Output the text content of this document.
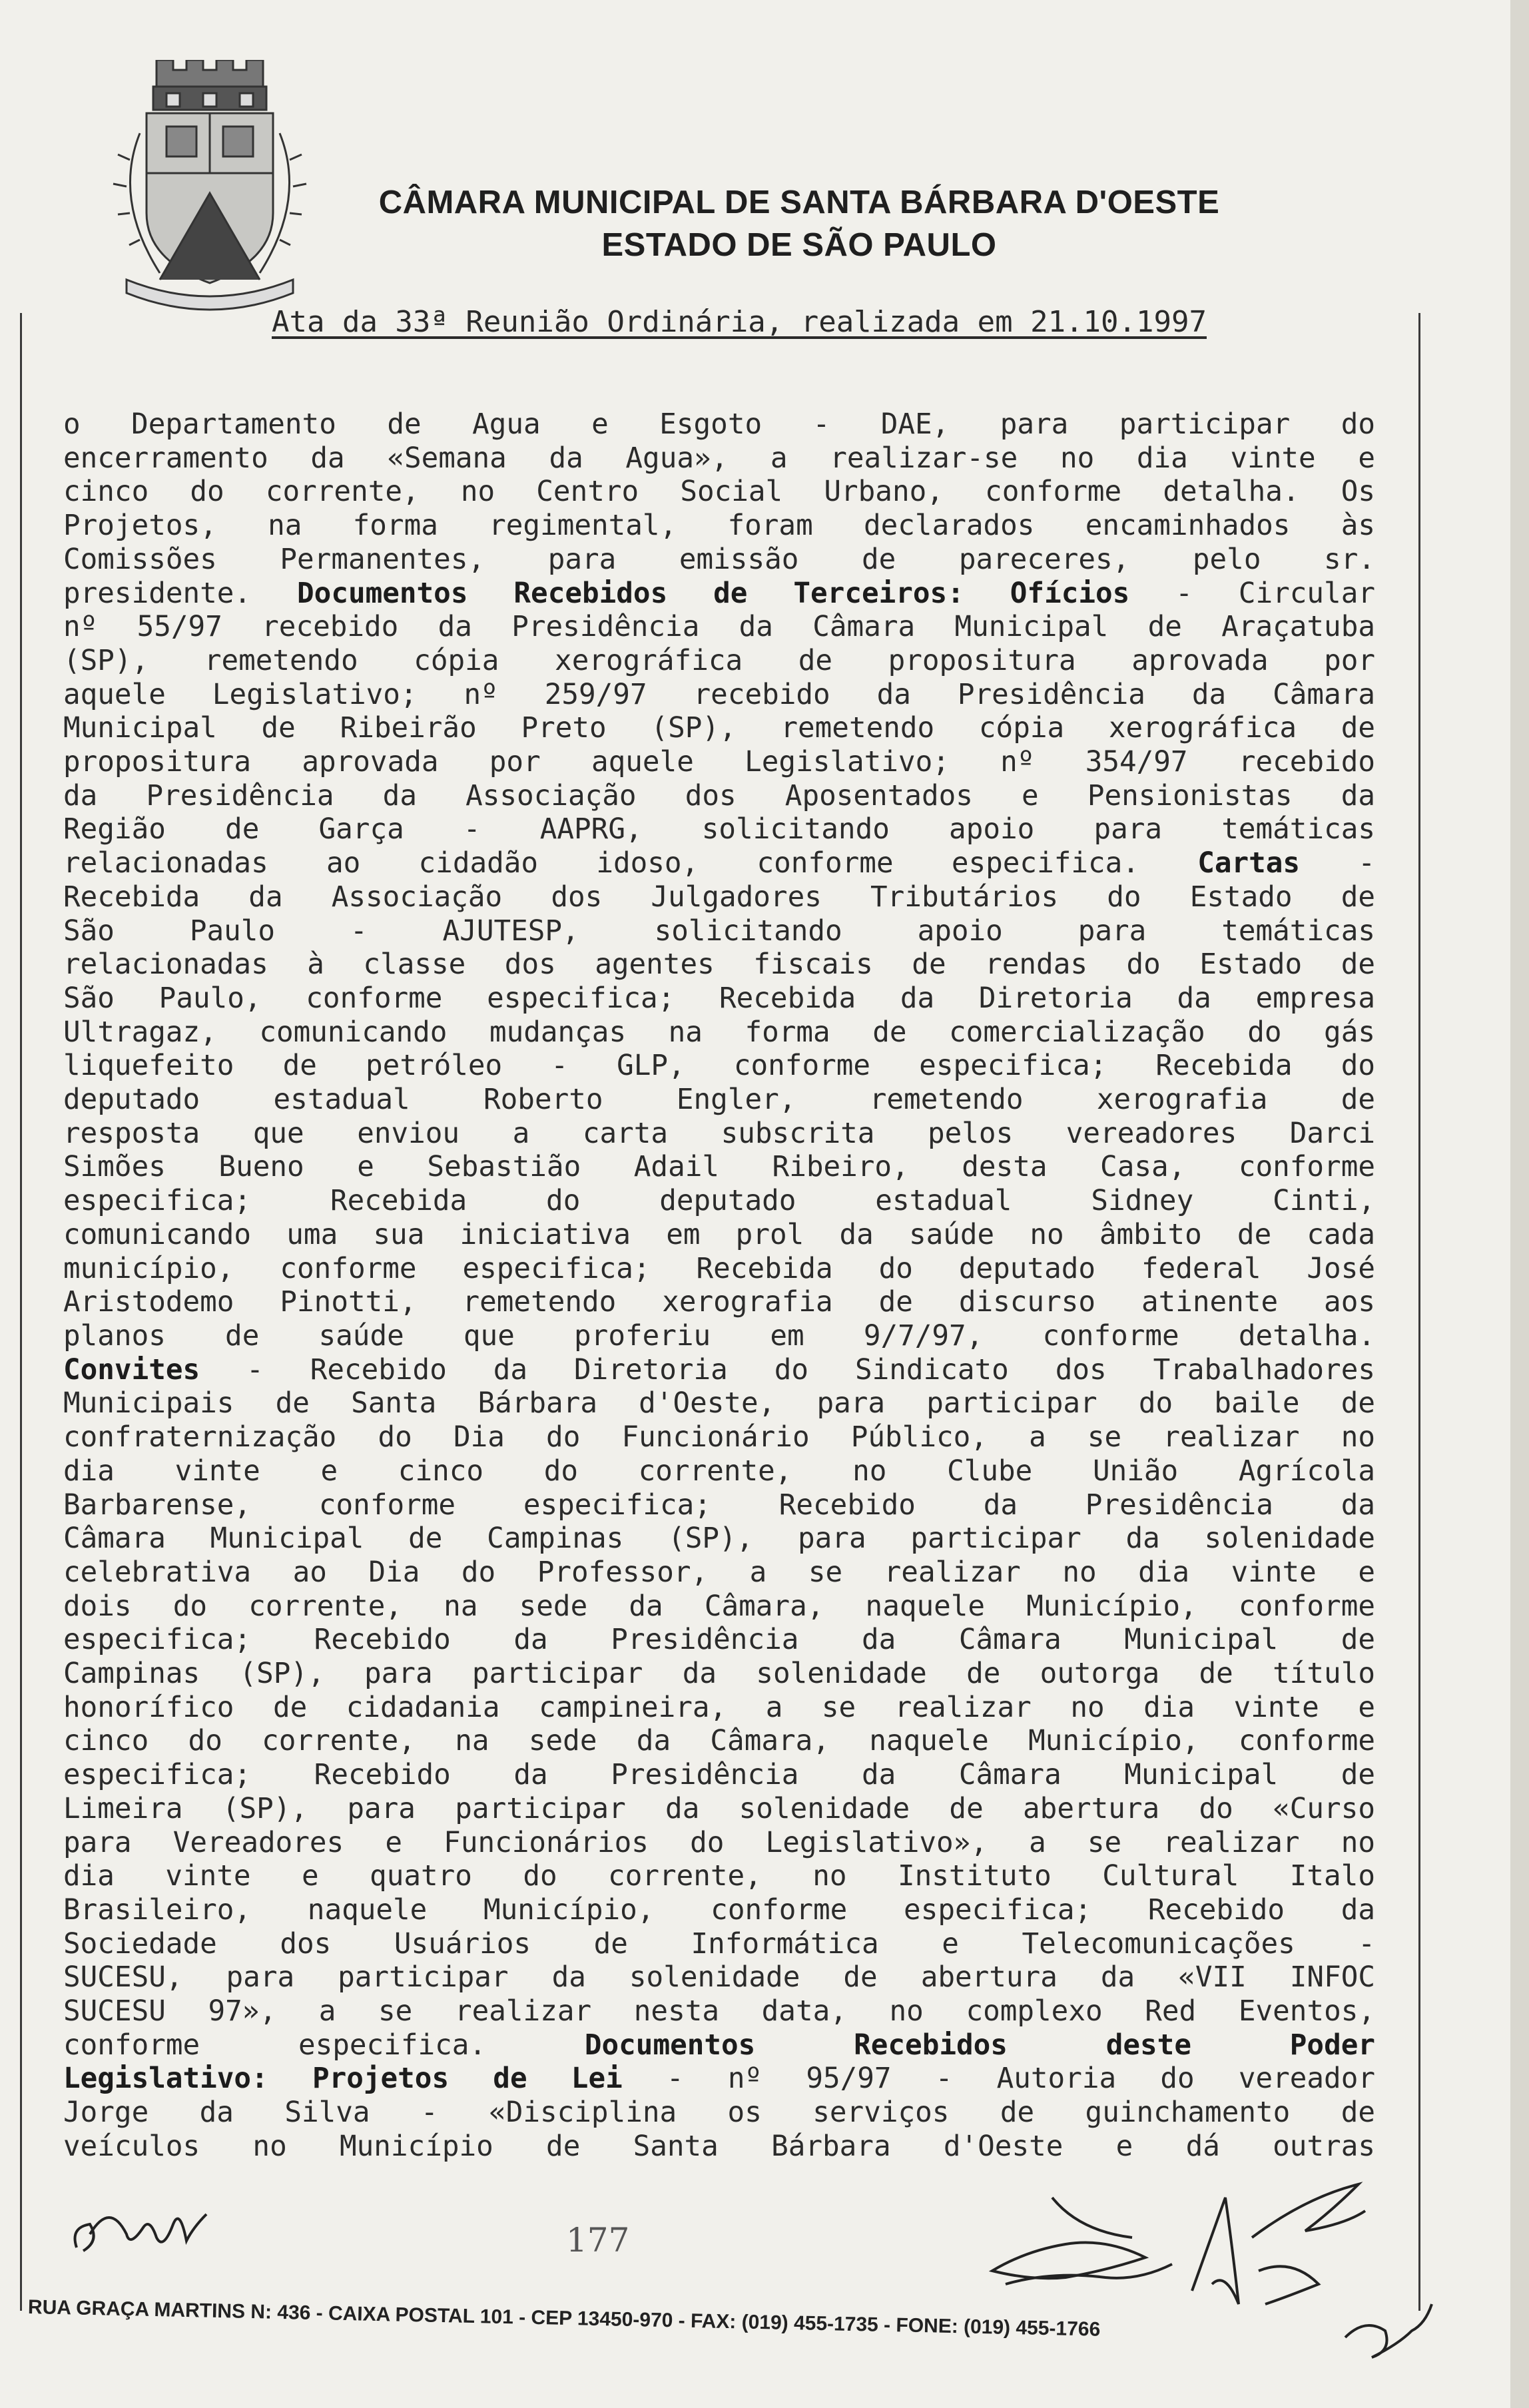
CÂMARA MUNICIPAL DE SANTA BÁRBARA D'OESTE
ESTADO DE SÃO PAULO
Ata da 33ª Reunião Ordinária, realizada em 21.10.1997
o Departamento de Agua e Esgoto - DAE, para participar do
encerramento da «Semana da Agua», a realizar-se no dia vinte e
cinco do corrente, no Centro Social Urbano, conforme detalha. Os
Projetos, na forma regimental, foram declarados encaminhados às
Comissões Permanentes, para emissão de pareceres, pelo sr.
presidente. Documentos Recebidos de Terceiros: Ofícios - Circular
nº 55/97 recebido da Presidência da Câmara Municipal de Araçatuba
(SP), remetendo cópia xerográfica de propositura aprovada por
aquele Legislativo; nº 259/97 recebido da Presidência da Câmara
Municipal de Ribeirão Preto (SP), remetendo cópia xerográfica de
propositura aprovada por aquele Legislativo; nº 354/97 recebido
da Presidência da Associação dos Aposentados e Pensionistas da
Região de Garça - AAPRG, solicitando apoio para temáticas
relacionadas ao cidadão idoso, conforme especifica. Cartas -
Recebida da Associação dos Julgadores Tributários do Estado de
São Paulo - AJUTESP, solicitando apoio para temáticas
relacionadas à classe dos agentes fiscais de rendas do Estado de
São Paulo, conforme especifica; Recebida da Diretoria da empresa
Ultragaz, comunicando mudanças na forma de comercialização do gás
liquefeito de petróleo - GLP, conforme especifica; Recebida do
deputado estadual Roberto Engler, remetendo xerografia de
resposta que enviou a carta subscrita pelos vereadores Darci
Simões Bueno e Sebastião Adail Ribeiro, desta Casa, conforme
especifica; Recebida do deputado estadual Sidney Cinti,
comunicando uma sua iniciativa em prol da saúde no âmbito de cada
município, conforme especifica; Recebida do deputado federal José
Aristodemo Pinotti, remetendo xerografia de discurso atinente aos
planos de saúde que proferiu em 9/7/97, conforme detalha.
Convites - Recebido da Diretoria do Sindicato dos Trabalhadores
Municipais de Santa Bárbara d'Oeste, para participar do baile de
confraternização do Dia do Funcionário Público, a se realizar no
dia vinte e cinco do corrente, no Clube União Agrícola
Barbarense, conforme especifica; Recebido da Presidência da
Câmara Municipal de Campinas (SP), para participar da solenidade
celebrativa ao Dia do Professor, a se realizar no dia vinte e
dois do corrente, na sede da Câmara, naquele Município, conforme
especifica; Recebido da Presidência da Câmara Municipal de
Campinas (SP), para participar da solenidade de outorga de título
honorífico de cidadania campineira, a se realizar no dia vinte e
cinco do corrente, na sede da Câmara, naquele Município, conforme
especifica; Recebido da Presidência da Câmara Municipal de
Limeira (SP), para participar da solenidade de abertura do «Curso
para Vereadores e Funcionários do Legislativo», a se realizar no
dia vinte e quatro do corrente, no Instituto Cultural Italo
Brasileiro, naquele Município, conforme especifica; Recebido da
Sociedade dos Usuários de Informática e Telecomunicações -
SUCESU, para participar da solenidade de abertura da «VII INFOC
SUCESU 97», a se realizar nesta data, no complexo Red Eventos,
conforme especifica. Documentos Recebidos deste Poder
Legislativo: Projetos de Lei - nº 95/97 - Autoria do vereador
Jorge da Silva - «Disciplina os serviços de guinchamento de
veículos no Município de Santa Bárbara d'Oeste e dá outras
177
RUA GRAÇA MARTINS N: 436 - CAIXA POSTAL 101 - CEP 13450-970 - FAX: (019) 455-1735 - FONE: (019) 455-1766
